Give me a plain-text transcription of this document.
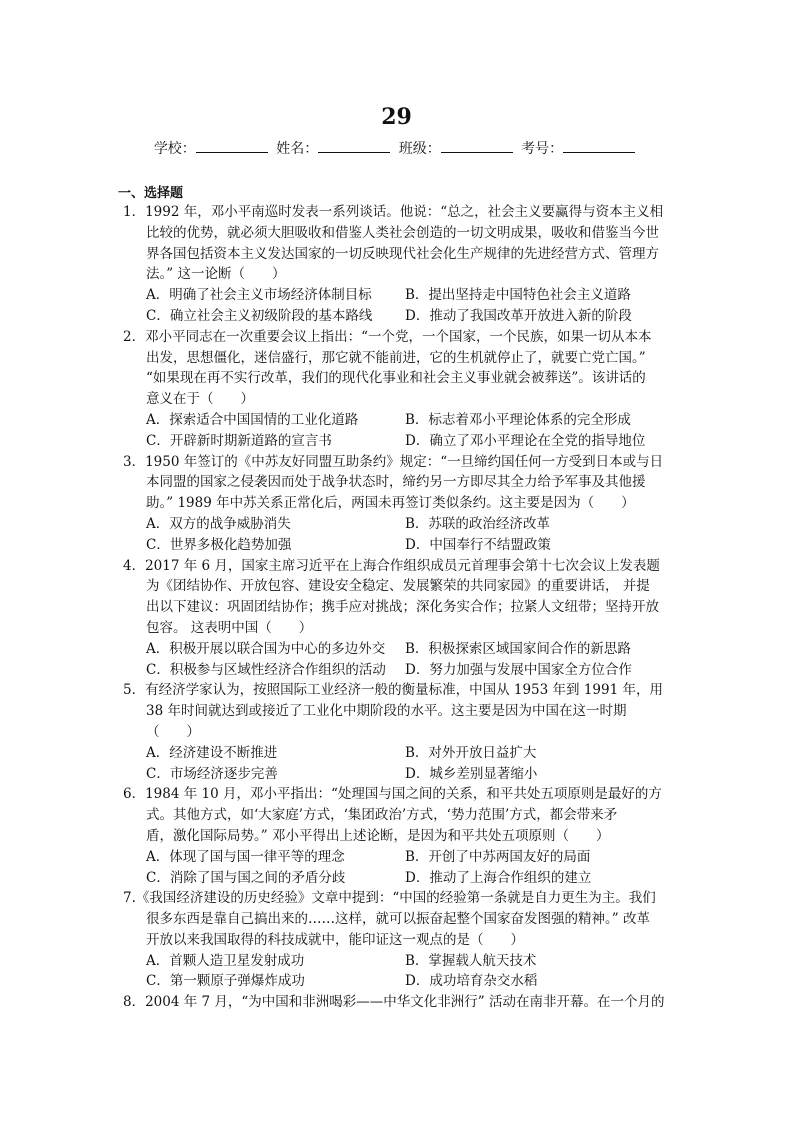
29
学校：	姓名：	班级：	考号：
一、选择题
1．1992 年，邓小平南巡时发表一系列谈话。他说：“总之，社会主义要赢得与资本主义相
比较的优势，就必须大胆吸收和借鉴人类社会创造的一切文明成果，吸收和借鉴当今世
界各国包括资本主义发达国家的一切反映现代社会化生产规律的先进经营方式、管理方
法。” 这一论断（　　）
A．明确了社会主义市场经济体制目标 B．提出坚持走中国特色社会主义道路
C．确立社会主义初级阶段的基本路线 D．推动了我国改革开放进入新的阶段
2．邓小平同志在一次重要会议上指出：“一个党，一个国家，一个民族，如果一切从本本
出发，思想僵化，迷信盛行，那它就不能前进，它的生机就停止了，就要亡党亡国。”
“如果现在再不实行改革，我们的现代化事业和社会主义事业就会被葬送”。该讲话的
意义在于（　　）
A．探索适合中国国情的工业化道路	B．标志着邓小平理论体系的完全形成
C．开辟新时期新道路的宣言书	D．确立了邓小平理论在全党的指导地位
3．1950 年签订的《中苏友好同盟互助条约》规定：“一旦缔约国任何一方受到日本或与日
本同盟的国家之侵袭因而处于战争状态时，缔约另一方即尽其全力给予军事及其他援
助。” 1989 年中苏关系正常化后，两国未再签订类似条约。这主要是因为（　　）
A．双方的战争威胁消失	B．苏联的政治经济改革
C．世界多极化趋势加强	D．中国奉行不结盟政策
4．2017 年 6 月，国家主席习近平在上海合作组织成员元首理事会第十七次会议上发表题
为《团结协作、开放包容、建设安全稳定、发展繁荣的共同家园》的重要讲话， 并提
出以下建议：巩固团结协作；携手应对挑战；深化务实合作；拉紧人文纽带；坚持开放
包容。 这表明中国（　　）
A．积极开展以联合国为中心的多边外交 B．积极探索区域国家间合作的新思路
C．积极参与区域性经济合作组织的活动 D．努力加强与发展中国家全方位合作
5．有经济学家认为，按照国际工业经济一般的衡量标准，中国从 1953 年到 1991 年，用
38 年时间就达到或接近了工业化中期阶段的水平。这主要是因为中国在这一时期
（　　）
A．经济建设不断推进	B．对外开放日益扩大
C．市场经济逐步完善	D．城乡差别显著缩小
6．1984 年 10 月，邓小平指出：“处理国与国之间的关系，和平共处五项原则是最好的方
式。其他方式，如‘大家庭’方式，‘集团政治’方式，‘势力范围’方式，都会带来矛
盾，激化国际局势。” 邓小平得出上述论断，是因为和平共处五项原则（　　）
A．体现了国与国一律平等的理念	B．开创了中苏两国友好的局面
C．消除了国与国之间的矛盾分歧	D．推动了上海合作组织的建立
7.《我国经济建设的历史经验》文章中提到：“中国的经验第一条就是自力更生为主。我们
很多东西是靠自己搞出来的……这样，就可以振奋起整个国家奋发图强的精神。” 改革
开放以来我国取得的科技成就中，能印证这一观点的是（　　）
A．首颗人造卫星发射成功	B．掌握载人航天技术
C．第一颗原子弹爆炸成功	D．成功培育杂交水稻
8．2004 年 7 月，“为中国和非洲喝彩——中华文化非洲行” 活动在南非开幕。在一个月的
